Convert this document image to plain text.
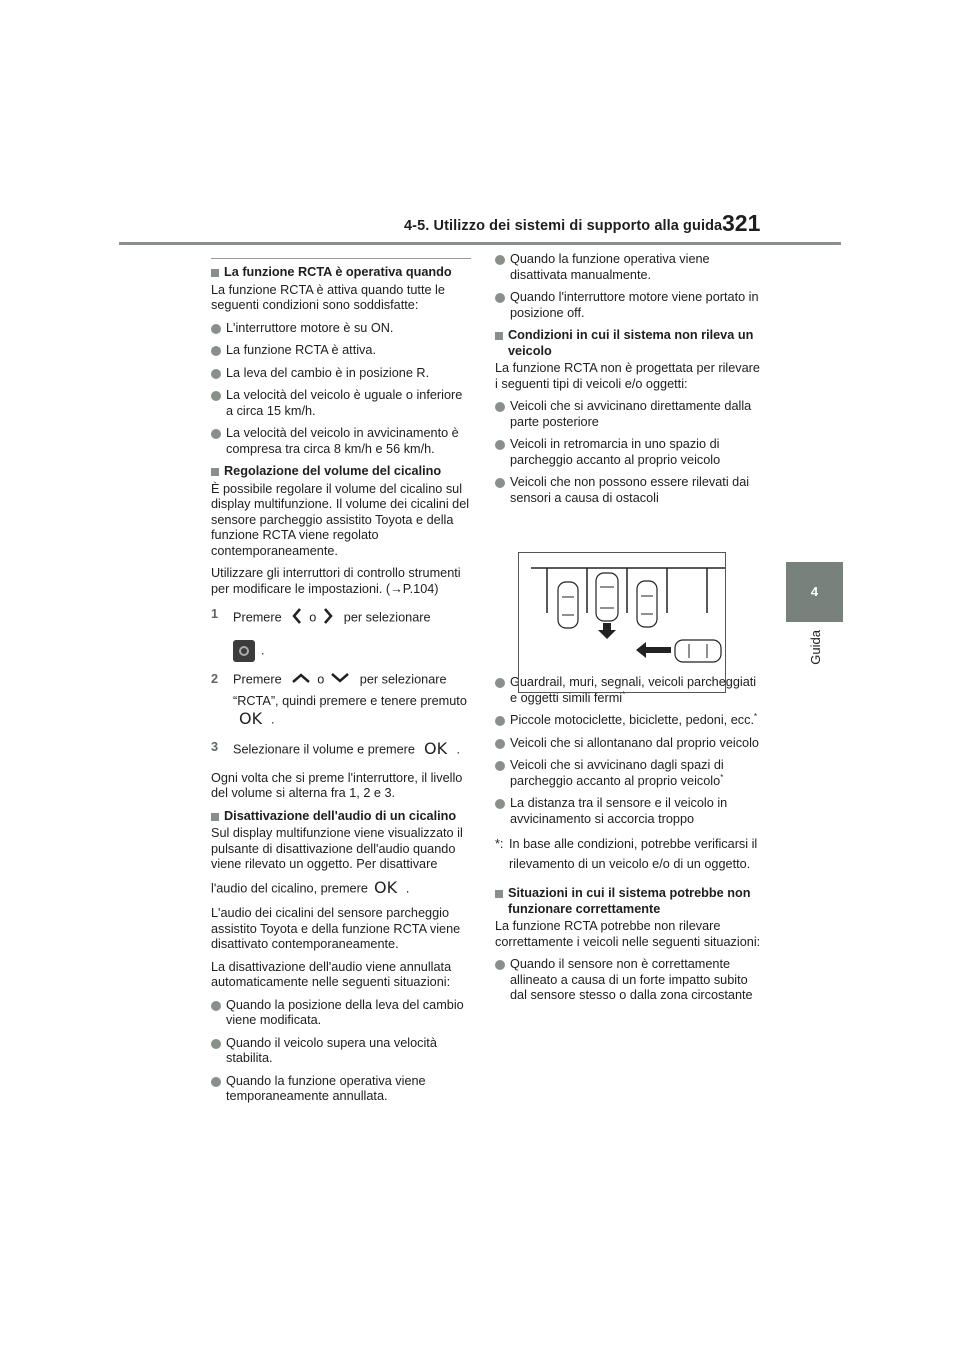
4-5. Utilizzo dei sistemi di supporto alla guida 321
4
Guida

La funzione RCTA è operativa quando

La funzione RCTA è attiva quando tutte le seguenti condizioni sono soddisfatte:

L'interruttore motore è su ON.

La funzione RCTA è attiva.

La leva del cambio è in posizione R.

La velocità del veicolo è uguale o inferiore a circa 15 km/h.

La velocità del veicolo in avvicinamento è compresa tra circa 8 km/h e 56 km/h.

Regolazione del volume del cicalino

È possibile regolare il volume del cicalino sul display multifunzione. Il volume dei cicalini del sensore parcheggio assistito Toyota e della funzione RCTA viene regolato contemporaneamente.

Utilizzare gli interruttori di controllo strumenti per modificare le impostazioni. (→P.104)

1 Premere o per selezionare
.

2 Premere	o	per selezionare
“RCTA”, quindi premere e tenere premuto
OK .

3 Selezionare il volume e premere OK .

Ogni volta che si preme l'interruttore, il livello del volume si alterna fra 1, 2 e 3.

Disattivazione dell'audio di un cicalino

Sul display multifunzione viene visualizzato il pulsante di disattivazione dell'audio quando viene rilevato un oggetto. Per disattivare

l'audio del cicalino, premere OK .

L'audio dei cicalini del sensore parcheggio assistito Toyota e della funzione RCTA viene disattivato contemporaneamente.

La disattivazione dell'audio viene annullata automaticamente nelle seguenti situazioni:

Quando la posizione della leva del cambio viene modificata.

Quando il veicolo supera una velocità stabilita.

Quando la funzione operativa viene temporaneamente annullata.

Quando la funzione operativa viene disattivata manualmente.

Quando l'interruttore motore viene portato in posizione off.

Condizioni in cui il sistema non rileva un veicolo

La funzione RCTA non è progettata per rilevare i seguenti tipi di veicoli e/o oggetti:

Veicoli che si avvicinano direttamente dalla parte posteriore

Veicoli in retromarcia in uno spazio di parcheggio accanto al proprio veicolo

Veicoli che non possono essere rilevati dai sensori a causa di ostacoli

Guardrail, muri, segnali, veicoli parcheggiati e oggetti simili fermi*

Piccole motociclette, biciclette, pedoni, ecc.*

Veicoli che si allontanano dal proprio veicolo

Veicoli che si avvicinano dagli spazi di parcheggio accanto al proprio veicolo*

La distanza tra il sensore e il veicolo in avvicinamento si accorcia troppo

*: In base alle condizioni, potrebbe verificarsi il rilevamento di un veicolo e/o di un oggetto.

Situazioni in cui il sistema potrebbe non funzionare correttamente

La funzione RCTA potrebbe non rilevare correttamente i veicoli nelle seguenti situazioni:

Quando il sensore non è correttamente allineato a causa di un forte impatto subito dal sensore stesso o dalla zona circostante
